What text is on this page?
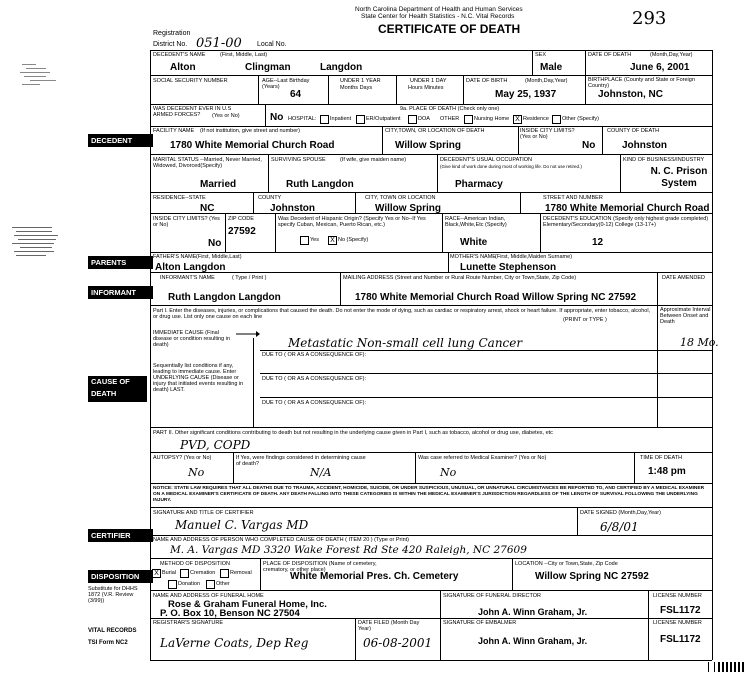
North Carolina Department of Health and Human Services
State Center for Health Statistics - N.C. Vital Records
CERTIFICATE OF DEATH	293
Registration
District No. 051-00 Local No.
DECEDENT
PARENTS
INFORMANT
CAUSE OF DEATH
CERTIFIER
DISPOSITION
Substitute for DHHS 1872 (V.R. Review (3/99))
VITAL RECORDS
TSI Form NC2
DECEDENT'S NAME	(First, Middle, Last)
Alton	Clingman	Langdon
SEX
Male
DATE OF DEATH	(Month,Day,Year)
June 6, 2001
SOCIAL SECURITY NUMBER	AGE--Last Birthday (Years)
64
UNDER 1 YEAR
Months Days
UNDER 1 DAY
Hours Minutes
DATE OF BIRTH	(Month,Day,Year)
May 25, 1937
BIRTHPLACE (County and State or Foreign Country)
Johnston, NC
WAS DECEDENT EVER IN U.S ARMED FORCES?	(Yes or No)	No
9a. PLACE OF DEATH (Check only one)
HOSPITAL: Inpatient	ER/Outpatient	DOA OTHER	Nursing Home X Residence Other (Specify)
FACILITY NAME (If not institution, give street and number)
1780 White Memorial Church Road
CITY,TOWN, OR LOCATION OF DEATH
Willow Spring
INSIDE CITY LIMITS? (Yes or No)
No
COUNTY OF DEATH
Johnston
MARITAL STATUS --Married, Never Married, Widowed, Divorced(Specify)
Married
SURVIVING SPOUSE	(If wife, give maiden name)
Ruth Langdon
DECEDENT'S USUAL OCCUPATION
(Give kind of work done during most of working life. Do not use retired.)
Pharmacy
KIND OF BUSINESS/INDUSTRY
N. C. Prison System
RESIDENCE--STATE
NC
COUNTY
Johnston
CITY, TOWN OR LOCATION
Willow Spring
STREET AND NUMBER
1780 White Memorial Church Road
INSIDE CITY LIMITS? (Yes or No)
No
ZIP CODE
27592
Was Decedent of Hispanic Origin? (Specify Yes or No--If Yes specify Cuban, Mexican, Puerto Rican, etc.)
Yes	X No (Specify)
RACE--American Indian, Black,White,Etc (Specify)
White
DECEDENT'S EDUCATION (Specify only highest grade completed) Elementary/Secondary(0-12) College (13-17+)
12
FATHER'S NAME (First, Middle,Last)
Alton Langdon
MOTHER'S NAME (First, Middle,Maiden Surname)
Lunette Stephenson
INFORMANT'S NAME	( Type / Print )
Ruth Langdon Langdon
MAILING ADDRESS (Street and Number or Rural Route Number, City or Town,State, Zip Code)
1780 White Memorial Church Road Willow Spring NC 27592
DATE AMENDED
Part I. Enter the diseases, injuries, or complications that caused the death. Do not enter the mode of dying, such as cardiac or respiratory arrest, shock or heart failure. If appropriate, enter tobacco, alcohol, or drug use. List only one cause on each line	(PRINT or TYPE )
Approximate Interval Between Onset and Death
IMMEDIATE CAUSE (Final disease or condition resulting in death)	Metastatic Non-small cell lung Cancer	18 Mo.
DUE TO ( OR AS A CONSEQUENCE OF):
Sequentially list conditions if any, leading to immediate cause. Enter UNDERLYING CAUSE (Disease or injury that initiated events resulting in death) LAST.
DUE TO ( OR AS A CONSEQUENCE OF):
DUE TO ( OR AS A CONSEQUENCE OF):
PART II. Other significant conditions contributing to death but not resulting in the underlying cause given in Part I, such as tobacco, alcohol or drug use, diabetes, etc
PVD, COPD
AUTOPSY? (Yes or No)
No
If Yes, were findings considered in determining cause of death?
N/A
Was case referred to Medical Examiner? (Yes or No)
No
TIME OF DEATH
1:48 pm
NOTICE: STATE LAW REQUIRES THAT ALL DEATHS DUE TO TRAUMA, ACCIDENT, HOMICIDE, SUICIDE, OR UNDER SUSPICIOUS, UNUSUAL, OR UNNATURAL CIRCUMSTANCES BE REPORTED TO, AND CERTIFIED BY A MEDICAL EXAMINER ON A MEDICAL EXAMINER'S CERTIFICATE OF DEATH. ANY DEATH FALLING INTO THESE CATEGORIES IS WITHIN THE MEDICAL EXAMINER'S JURISDICTION REGARDLESS OF THE LENGTH OF SURVIVAL FOLLOWING THE UNDERLYING INJURY.
SIGNATURE AND TITLE OF CERTIFIER
Manuel C. Vargas MD
DATE SIGNED (Month,Day,Year)
6/8/01
NAME AND ADDRESS OF PERSON WHO COMPLETED CAUSE OF DEATH ( ITEM 20 ) (Type or Print)
M. A. Vargas MD 3320 Wake Forest Rd Ste 420 Raleigh, NC 27609
METHOD OF DISPOSITION
X Burial	Cremation	Removal
Donation	Other
PLACE OF DISPOSITION (Name of cemetery, crematory, or other place)
White Memorial Pres. Ch. Cemetery
LOCATION --City or Town,State, Zip Code
Willow Spring NC 27592
NAME AND ADDRESS OF FUNERAL HOME
Rose & Graham Funeral Home, Inc.
P. O. Box 10, Benson NC 27504
SIGNATURE OF FUNERAL DIRECTOR
John A. Winn Graham, Jr.
LICENSE NUMBER
FSL1172
REGISTRAR'S SIGNATURE
LaVerne Coats, Dep Reg
DATE FILED (Month Day Year)
06-08-2001
SIGNATURE OF EMBALMER
John A. Winn Graham, Jr.
LICENSE NUMBER
FSL1172
